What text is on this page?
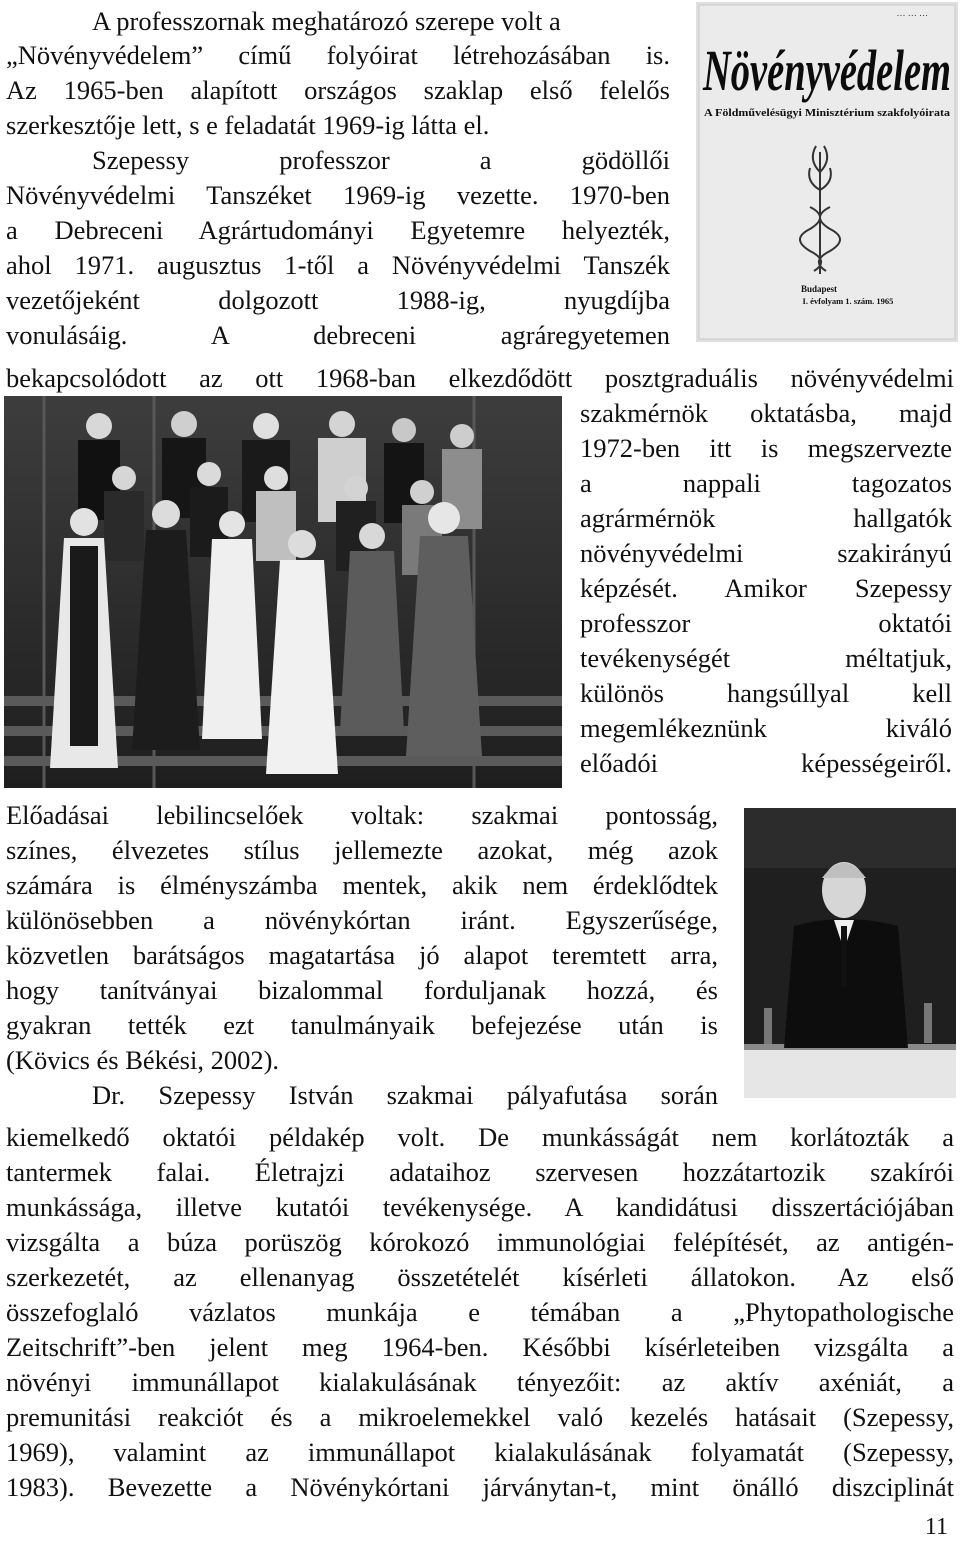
A professzornak meghatározó szerepe volt a

„Növényvédelem” című folyóirat létrehozásában is.

Az 1965-ben alapított országos szaklap első felelős

szerkesztője lett, s e feladatát 1969-ig látta el.

Szepessy professzor a gödöllői

Növényvédelmi Tanszéket 1969-ig vezette. 1970-ben

a Debreceni Agrártudományi Egyetemre helyezték,

ahol 1971. augusztus 1-től a Növényvédelmi Tanszék

vezetőjeként dolgozott 1988-ig, nyugdíjba

vonulásáig. A debreceni agráregyetemen

… … …
Növényvédelem
A Földművelésügyi Minisztérium szakfolyóirata
Budapest
I. évfolyam 1. szám. 1965

bekapcsolódott az ott 1968-ban elkezdődött posztgraduális növényvédelmi

szakmérnök oktatásba, majd

1972-ben itt is megszervezte

a nappali tagozatos

agrármérnök hallgatók

növényvédelmi szakirányú

képzését. Amikor Szepessy

professzor oktatói

tevékenységét méltatjuk,

különös hangsúllyal kell

megemlékeznünk kiváló

előadói képességeiről.

Előadásai lebilincselőek voltak: szakmai pontosság,

színes, élvezetes stílus jellemezte azokat, még azok

számára is élményszámba mentek, akik nem érdeklődtek

különösebben a növénykórtan iránt. Egyszerűsége,

közvetlen barátságos magatartása jó alapot teremtett arra,

hogy tanítványai bizalommal forduljanak hozzá, és

gyakran tették ezt tanulmányaik befejezése után is

(Kövics és Békési, 2002).

Dr. Szepessy István szakmai pályafutása során

kiemelkedő oktatói példakép volt. De munkásságát nem korlátozták a

tantermek falai. Életrajzi adataihoz szervesen hozzátartozik szakírói

munkássága, illetve kutatói tevékenysége. A kandidátusi disszertációjában

vizsgálta a búza porüszög kórokozó immunológiai felépítését, az antigén-

szerkezetét, az ellenanyag összetételét kísérleti állatokon. Az első

összefoglaló vázlatos munkája e témában a „Phytopathologische

Zeitschrift”-ben jelent meg 1964-ben. Későbbi kísérleteiben vizsgálta a

növényi immunállapot kialakulásának tényezőit: az aktív axéniát, a

premunitási reakciót és a mikroelemekkel való kezelés hatásait (Szepessy,

1969), valamint az immunállapot kialakulásának folyamatát (Szepessy,

1983). Bevezette a Növénykórtani járványtan-t, mint önálló diszciplinát

11
